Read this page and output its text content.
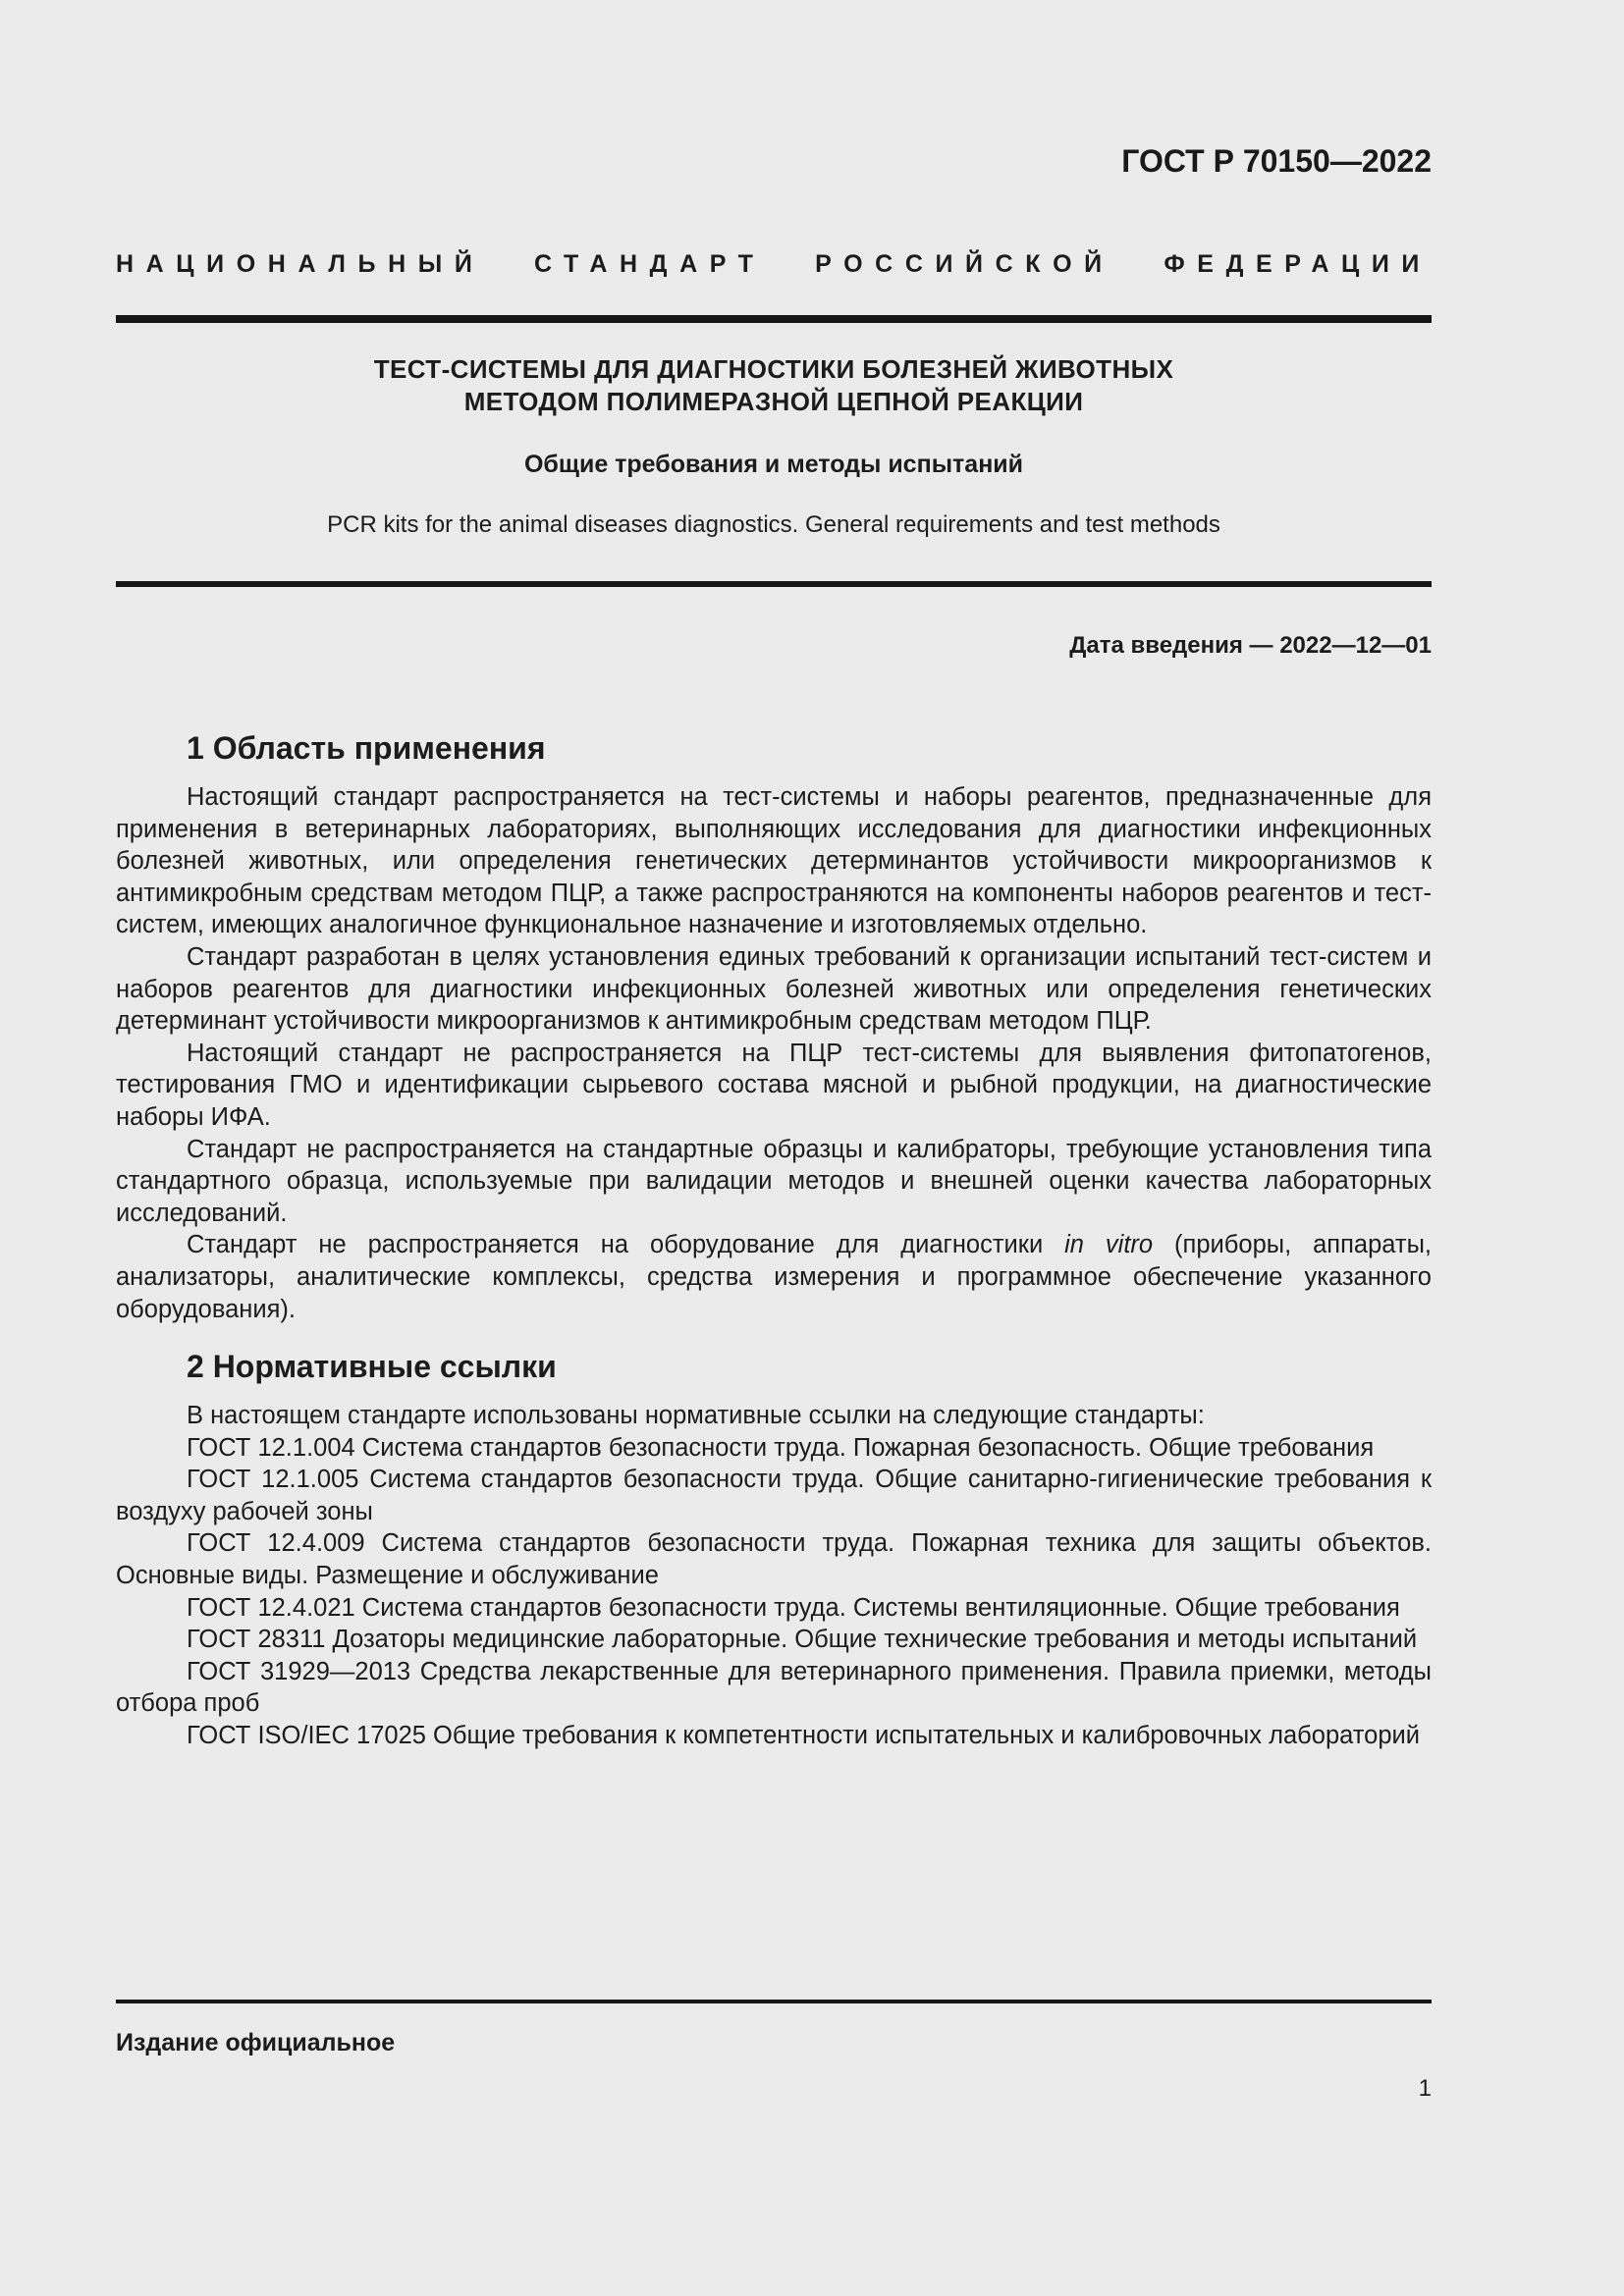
ГОСТ Р 70150—2022
НАЦИОНАЛЬНЫЙ СТАНДАРТ РОССИЙСКОЙ ФЕДЕРАЦИИ
ТЕСТ-СИСТЕМЫ ДЛЯ ДИАГНОСТИКИ БОЛЕЗНЕЙ ЖИВОТНЫХ
МЕТОДОМ ПОЛИМЕРАЗНОЙ ЦЕПНОЙ РЕАКЦИИ
Общие требования и методы испытаний
PCR kits for the animal diseases diagnostics. General requirements and test methods
Дата введения — 2022—12—01
1 Область применения

Настоящий стандарт распространяется на тест-системы и наборы реагентов, предназначенные для применения в ветеринарных лабораториях, выполняющих исследования для диагностики инфекционных болезней животных, или определения генетических детерминантов устойчивости микроорганизмов к антимикробным средствам методом ПЦР, а также распространяются на компоненты наборов реагентов и тест-систем, имеющих аналогичное функциональное назначение и изготовляемых отдельно.

Стандарт разработан в целях установления единых требований к организации испытаний тест-систем и наборов реагентов для диагностики инфекционных болезней животных или определения генетических детерминант устойчивости микроорганизмов к антимикробным средствам методом ПЦР.

Настоящий стандарт не распространяется на ПЦР тест-системы для выявления фитопатогенов, тестирования ГМО и идентификации сырьевого состава мясной и рыбной продукции, на диагностические наборы ИФА.

Стандарт не распространяется на стандартные образцы и калибраторы, требующие установления типа стандартного образца, используемые при валидации методов и внешней оценки качества лабораторных исследований.

Стандарт не распространяется на оборудование для диагностики in vitro (приборы, аппараты, анализаторы, аналитические комплексы, средства измерения и программное обеспечение указанного оборудования).

2 Нормативные ссылки

В настоящем стандарте использованы нормативные ссылки на следующие стандарты:

ГОСТ 12.1.004 Система стандартов безопасности труда. Пожарная безопасность. Общие требования

ГОСТ 12.1.005 Система стандартов безопасности труда. Общие санитарно-гигиенические требования к воздуху рабочей зоны

ГОСТ 12.4.009 Система стандартов безопасности труда. Пожарная техника для защиты объектов. Основные виды. Размещение и обслуживание

ГОСТ 12.4.021 Система стандартов безопасности труда. Системы вентиляционные. Общие требования

ГОСТ 28311 Дозаторы медицинские лабораторные. Общие технические требования и методы испытаний

ГОСТ 31929—2013 Средства лекарственные для ветеринарного применения. Правила приемки, методы отбора проб

ГОСТ ISO/IEC 17025 Общие требования к компетентности испытательных и калибровочных лабораторий

Издание официальное
1
